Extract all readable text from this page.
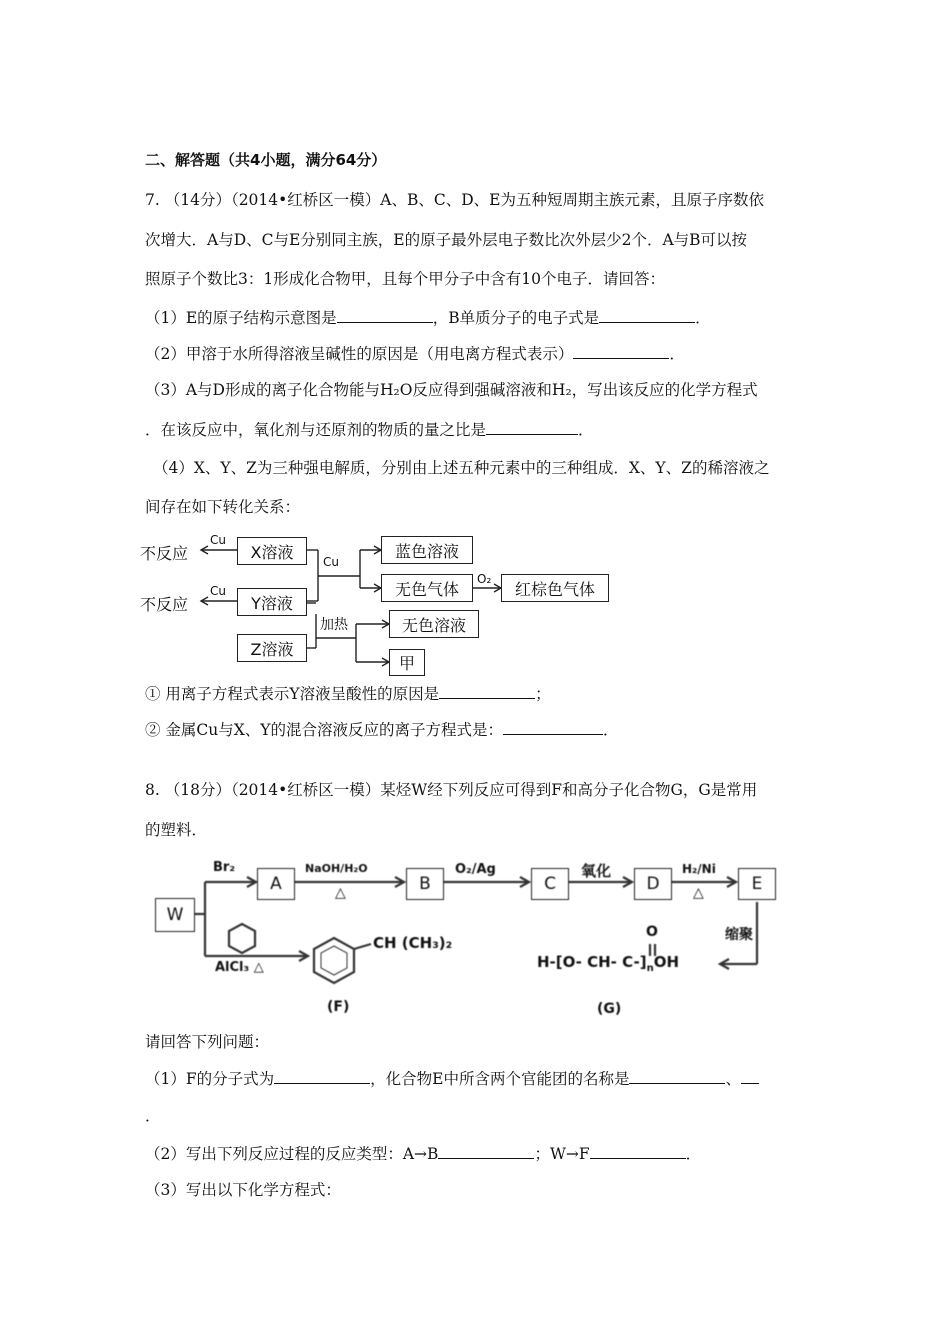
二、解答题（共4小题，满分64分）
7. （14分）（2014•红桥区一模）A、B、C、D、E为五种短周期主族元素，且原子序数依
次增大．A与D、C与E分别同主族，E的原子最外层电子数比次外层少2个．A与B可以按
照原子个数比3：1形成化合物甲，且每个甲分子中含有10个电子．请回答：
（1）E的原子结构示意图是	，B单质分子的电子式是	．
（2）甲溶于水所得溶液呈碱性的原因是（用电离方程式表示）	．
（3）A与D形成的离子化合物能与H₂O反应得到强碱溶液和H₂，写出该反应的化学方程式
．在该反应中，氧化剂与还原剂的物质的量之比是	．
（4）X、Y、Z为三种强电解质，分别由上述五种元素中的三种组成．X、Y、Z的稀溶液之
间存在如下转化关系：
不反应
Cu
X溶液
不反应
Cu
Y溶液
Z溶液
Cu
蓝色溶液
无色气体
O₂
红棕色气体
加热	无色溶液
甲
① 用离子方程式表示Y溶液呈酸性的原因是	；
② 金属Cu与X、Y的混合溶液反应的离子方程式是：	．
8. （18分）（2014•红桥区一模）某烃W经下列反应可得到F和高分子化合物G，G是常用
的塑料．
W
A	B	C	D	E
Br₂	NaOH/H₂O
△
O₂/Ag	氧化	H₂/Ni
△
AlCl₃ △
CH (CH₃)₂
(F)
缩聚
O
H-[O- CH- $C-]_nOH$
(G)
请回答下列问题：
（1）F的分子式为	，化合物E中所含两个官能团的名称是	、
．
（2）写出下列反应过程的反应类型：A→B	；W→F	．
（3）写出以下化学方程式：
